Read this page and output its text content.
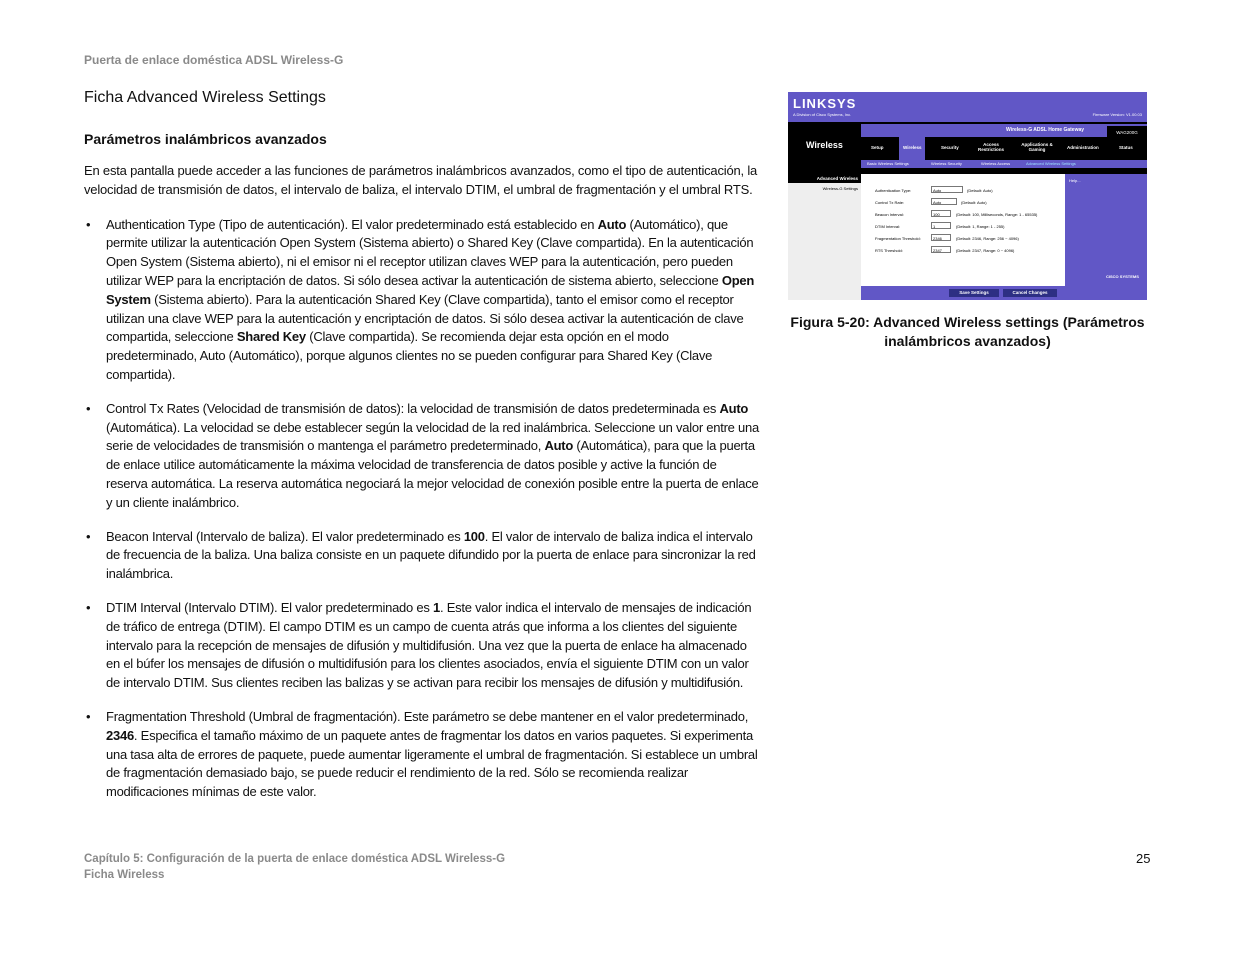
Puerta de enlace doméstica ADSL Wireless-G
Ficha Advanced Wireless Settings
Parámetros inalámbricos avanzados

En esta pantalla puede acceder a las funciones de parámetros inalámbricos avanzados, como el tipo de autenticación, la velocidad de transmisión de datos, el intervalo de baliza, el intervalo DTIM, el umbral de fragmentación y el umbral RTS.

• Authentication Type (Tipo de autenticación). El valor predeterminado está establecido en Auto (Automático), que permite utilizar la autenticación Open System (Sistema abierto) o Shared Key (Clave compartida). En la autenticación Open System (Sistema abierto), ni el emisor ni el receptor utilizan claves WEP para la autenticación, pero pueden utilizar WEP para la encriptación de datos. Si sólo desea activar la autenticación de sistema abierto, seleccione Open System (Sistema abierto). Para la autenticación Shared Key (Clave compartida), tanto el emisor como el receptor utilizan una clave WEP para la autenticación y encriptación de datos. Si sólo desea activar la autenticación de clave compartida, seleccione Shared Key (Clave compartida). Se recomienda dejar esta opción en el modo predeterminado, Auto (Automático), porque algunos clientes no se pueden configurar para Shared Key (Clave compartida).
• Control Tx Rates (Velocidad de transmisión de datos): la velocidad de transmisión de datos predeterminada es Auto (Automática). La velocidad se debe establecer según la velocidad de la red inalámbrica. Seleccione un valor entre una serie de velocidades de transmisión o mantenga el parámetro predeterminado, Auto (Automática), para que la puerta de enlace utilice automáticamente la máxima velocidad de transferencia de datos posible y active la función de reserva automática. La reserva automática negociará la mejor velocidad de conexión posible entre la puerta de enlace y un cliente inalámbrico.
• Beacon Interval (Intervalo de baliza). El valor predeterminado es 100. El valor de intervalo de baliza indica el intervalo de frecuencia de la baliza. Una baliza consiste en un paquete difundido por la puerta de enlace para sincronizar la red inalámbrica.
• DTIM Interval (Intervalo DTIM). El valor predeterminado es 1. Este valor indica el intervalo de mensajes de indicación de tráfico de entrega (DTIM). El campo DTIM es un campo de cuenta atrás que informa a los clientes del siguiente intervalo para la recepción de mensajes de difusión y multidifusión. Una vez que la puerta de enlace ha almacenado en el búfer los mensajes de difusión o multidifusión para los clientes asociados, envía el siguiente DTIM con un valor de intervalo DTIM. Sus clientes reciben las balizas y se activan para recibir los mensajes de difusión y multidifusión.
• Fragmentation Threshold (Umbral de fragmentación). Este parámetro se debe mantener en el valor predeterminado, 2346. Especifica el tamaño máximo de un paquete antes de fragmentar los datos en varios paquetes. Si experimenta una tasa alta de errores de paquete, puede aumentar ligeramente el umbral de fragmentación. Si establece un umbral de fragmentación demasiado bajo, se puede reducir el rendimiento de la red. Sólo se recomienda realizar modificaciones mínimas de este valor.
LINKSYS
A Division of Cisco Systems, Inc.	Firmware Version: V1.00.03
Wireless
Wireless-G ADSL Home Gateway	WAG200G
Setup	Wireless	Security
Access Restrictions
Applications & Gaming	Administration	Status
Basic Wireless Settings	Wireless Security	Wireless Access	Advanced Wireless Settings
Advanced Wireless
Wireless-G Settings	Authentication Type:	Auto	(Default: Auto)
Control Tx Rate:	Auto	(Default: Auto)
Beacon Interval:	100	(Default: 100, Milliseconds, Range: 1 - 65535)
DTIM Interval:	1	(Default: 1, Range: 1 - 255)
Fragmentation Threshold:	2346	(Default: 2346, Range: 256 ~ 4096)
RTS Threshold:	2347	(Default: 2347, Range: 0 ~ 4096)
Help...
CISCO SYSTEMS
Save Settings	Cancel Changes
Figura 5-20: Advanced Wireless settings (Parámetros inalámbricos avanzados)
Capítulo 5: Configuración de la puerta de enlace doméstica ADSL Wireless-G
Ficha Wireless
25
